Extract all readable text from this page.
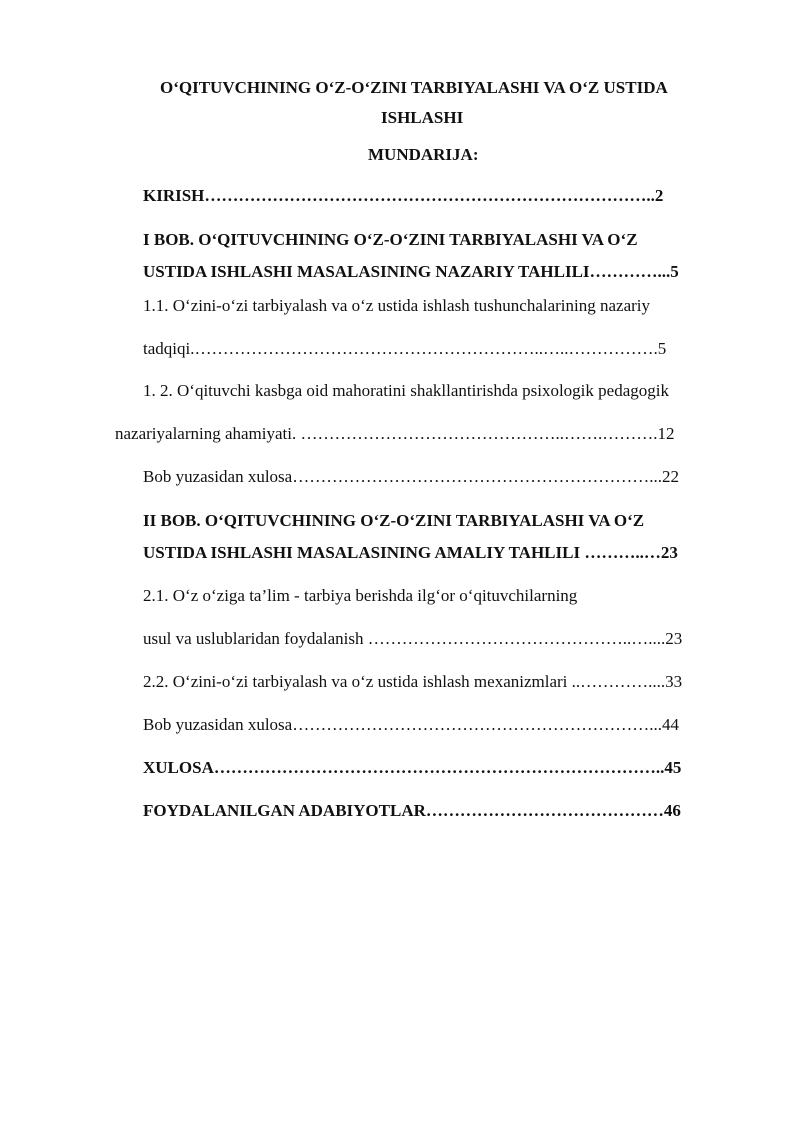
O‘QITUVCHINING O‘Z-O‘ZINI TARBIYALASHI VA O‘Z USTIDA
ISHLASHI
MUNDARIJA:
KIRISH……………………………………………………………………..2
I BOB. O‘QITUVCHINING O‘Z-O‘ZINI TARBIYALASHI VA O‘Z
USTIDA ISHLASHI MASALASINING NAZARIY TAHLILI…………...5
1.1. O‘zini-o‘zi tarbiyalash va o‘z ustida ishlash tushunchalarining nazariy
tadqiqi.……………………………………………………..…..…………….5
1. 2. O‘qituvchi kasbga oid mahoratini shakllantirishda psixologik pedagogik
nazariyalarning ahamiyati. ………………………………………..…….……….12
Bob yuzasidan xulosa………………………………………………………...22
II BOB. O‘QITUVCHINING O‘Z-O‘ZINI TARBIYALASHI VA O‘Z
USTIDA ISHLASHI MASALASINING AMALIY TAHLILI ………..…23
2.1. O‘z o‘ziga ta’lim - tarbiya berishda ilg‘or o‘qituvchilarning
usul va uslublaridan foydalanish ………………………………………..…....23
2.2. O‘zini-o‘zi tarbiyalash va o‘z ustida ishlash mexanizmlari ..…………....33
Bob yuzasidan xulosa………………………………………………………...44
XULOSA……………………………………………………………………..45
FOYDALANILGAN ADABIYOTLAR……………………………………46
